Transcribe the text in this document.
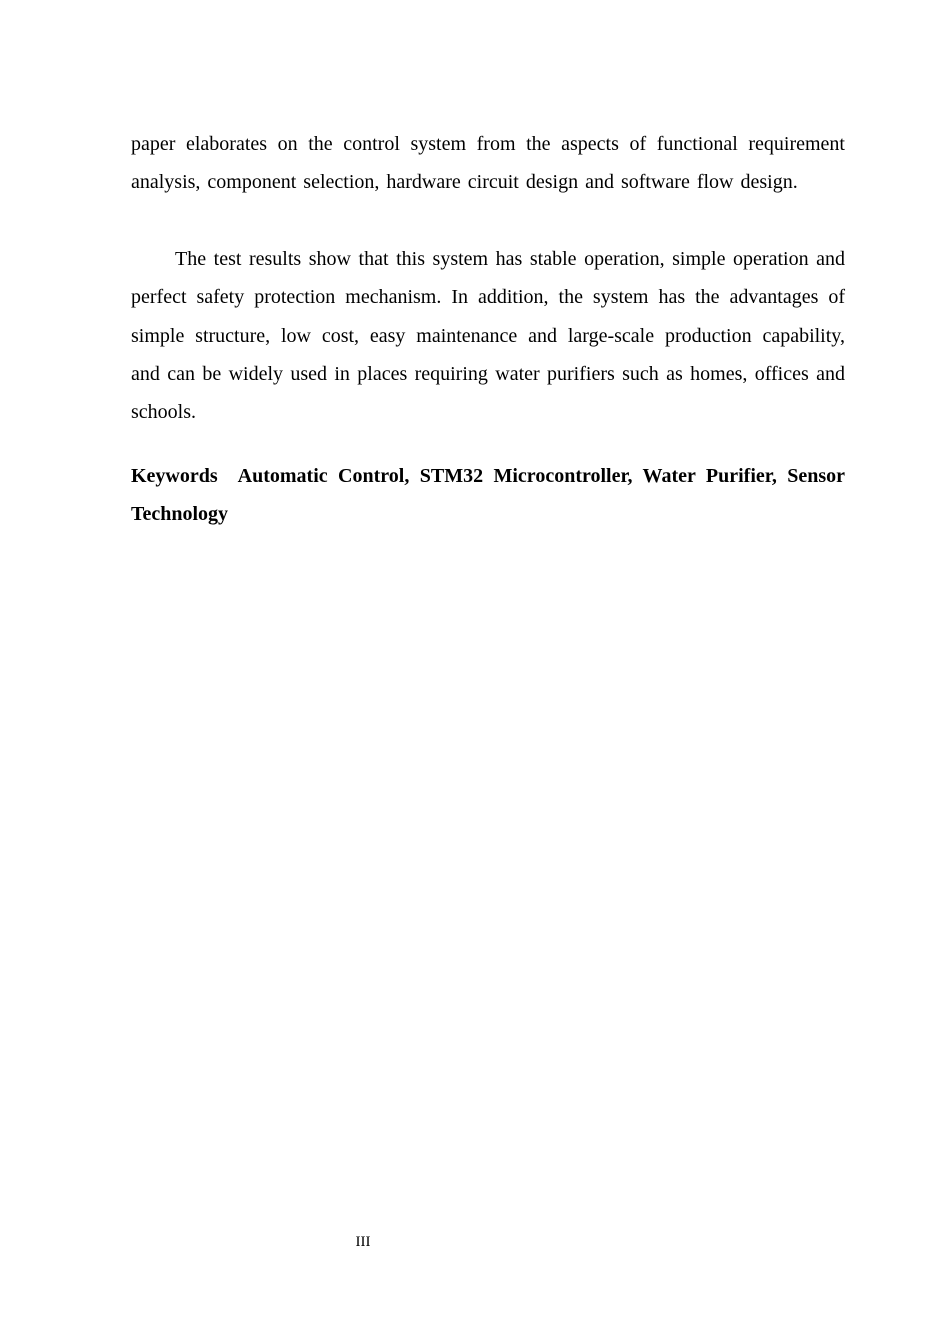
paper elaborates on the control system from the aspects of functional requirement analysis, component selection, hardware circuit design and software flow design.

The test results show that this system has stable operation, simple operation and perfect safety protection mechanism. In addition, the system has the advantages of simple structure, low cost, easy maintenance and large-scale production capability, and can be widely used in places requiring water purifiers such as homes, offices and schools.

Keywords Automatic Control, STM32 Microcontroller, Water Purifier, Sensor Technology

III
